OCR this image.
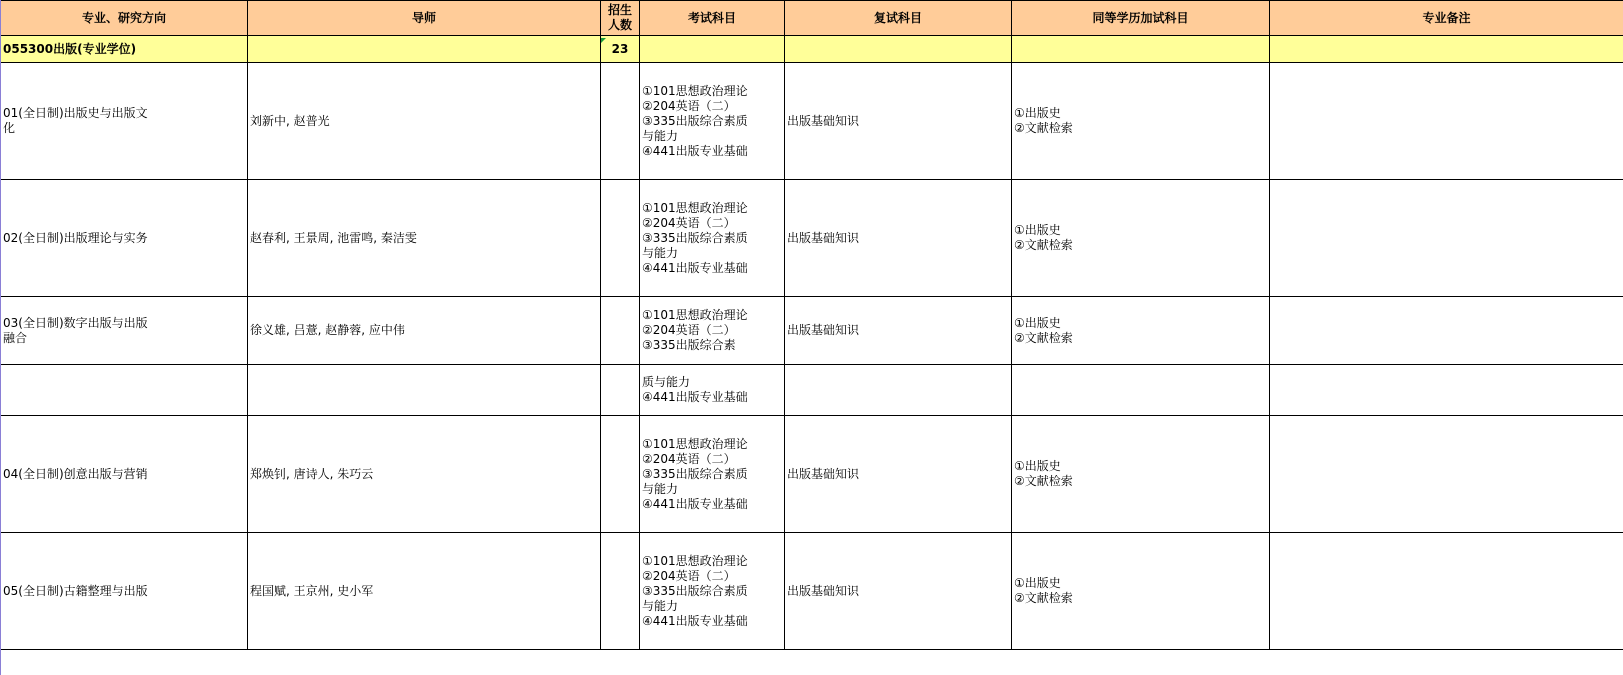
专业、研究方向	导师	招生
人数	考试科目	复试科目	同等学历加试科目	专业备注
055300出版(专业学位)		23				
01(全日制)出版史与出版文
化	刘新中, 赵普光		①101思想政治理论
②204英语（二）
③335出版综合素质
与能力
④441出版专业基础	出版基础知识	①出版史
②文献检索	
02(全日制)出版理论与实务	赵春利, 王景周, 池雷鸣, 秦洁雯		①101思想政治理论
②204英语（二）
③335出版综合素质
与能力
④441出版专业基础	出版基础知识	①出版史
②文献检索	
03(全日制)数字出版与出版
融合	徐义雄, 吕薏, 赵静蓉, 应中伟		①101思想政治理论
②204英语（二）
③335出版综合素	出版基础知识	①出版史
②文献检索	
			质与能力
④441出版专业基础			
04(全日制)创意出版与营销	郑焕钊, 唐诗人, 朱巧云		①101思想政治理论
②204英语（二）
③335出版综合素质
与能力
④441出版专业基础	出版基础知识	①出版史
②文献检索	
05(全日制)古籍整理与出版	程国赋, 王京州, 史小军		①101思想政治理论
②204英语（二）
③335出版综合素质
与能力
④441出版专业基础	出版基础知识	①出版史
②文献检索	
